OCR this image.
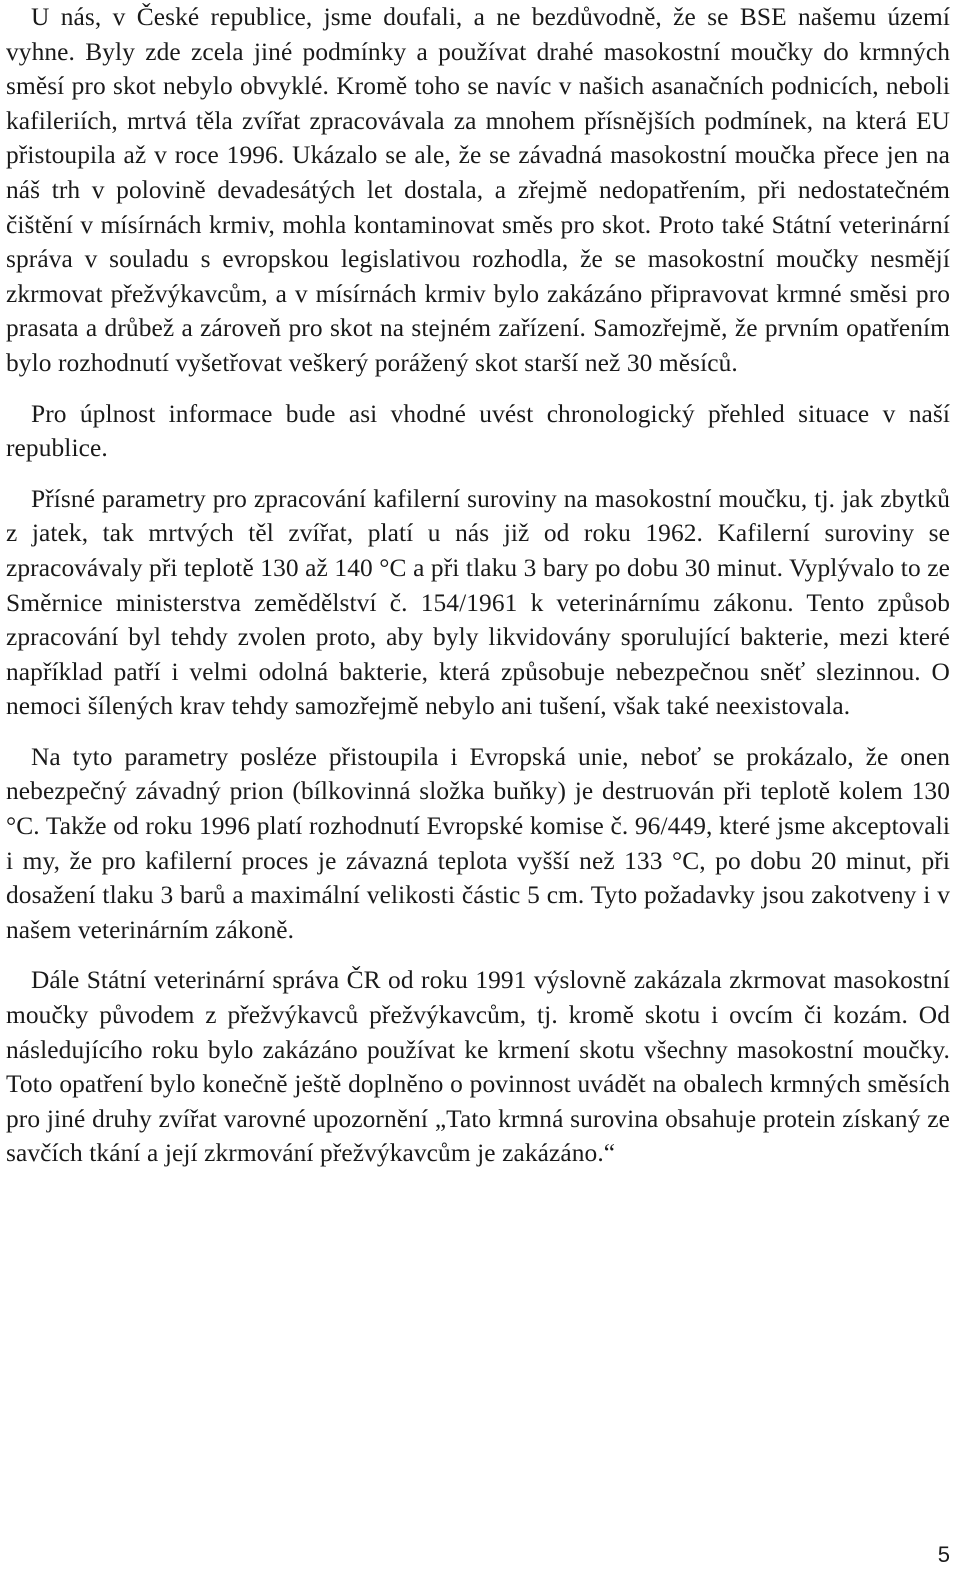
U nás, v České republice, jsme doufali, a ne bezdůvodně, že se BSE našemu území vyhne. Byly zde zcela jiné podmínky a používat drahé masokostní moučky do krmných směsí pro skot nebylo obvyklé. Kromě toho se navíc v našich asanačních podnicích, neboli kafileriích, mrtvá těla zvířat zpracovávala za mnohem přísnějších podmínek, na která EU přistoupila až v roce 1996. Ukázalo se ale, že se závadná masokostní moučka přece jen na náš trh v polovině devadesátých let dostala, a zřejmě nedopatřením, při nedostatečném čištění v mísírnách krmiv, mohla kontaminovat směs pro skot. Proto také Státní veterinární správa v souladu s evropskou legislativou rozhodla, že se masokostní moučky nesmějí zkrmovat přežvýkavcům, a v mísírnách krmiv bylo zakázáno připravovat krmné směsi pro prasata a drůbež a zároveň pro skot na stejném zařízení. Samozřejmě, že prvním opatřením bylo rozhodnutí vyšetřovat veškerý porážený skot starší než 30 měsíců.

Pro úplnost informace bude asi vhodné uvést chronologický přehled situace v naší republice.

Přísné parametry pro zpracování kafilerní suroviny na masokostní moučku, tj. jak zbytků z jatek, tak mrtvých těl zvířat, platí u nás již od roku 1962. Kafilerní suroviny se zpracovávaly při teplotě 130 až 140 °C a při tlaku 3 bary po dobu 30 minut. Vyplývalo to ze Směrnice ministerstva zemědělství č. 154/1961 k veterinárnímu zákonu. Tento způsob zpracování byl tehdy zvolen proto, aby byly likvidovány sporulující bakterie, mezi které například patří i velmi odolná bakterie, která způsobuje nebezpečnou sněť slezinnou. O nemoci šílených krav tehdy samozřejmě nebylo ani tušení, však také neexistovala.

Na tyto parametry posléze přistoupila i Evropská unie, neboť se prokázalo, že onen nebezpečný závadný prion (bílkovinná složka buňky) je destruován při teplotě kolem 130 °C. Takže od roku 1996 platí rozhodnutí Evropské komise č. 96/449, které jsme akceptovali i my, že pro kafilerní proces je závazná teplota vyšší než 133 °C, po dobu 20 minut, při dosažení tlaku 3 barů a maximální velikosti částic 5 cm. Tyto požadavky jsou zakotveny i v našem veterinárním zákoně.

Dále Státní veterinární správa ČR od roku 1991 výslovně zakázala zkrmovat masokostní moučky původem z přežvýkavců přežvýkavcům, tj. kromě skotu i ovcím či kozám. Od následujícího roku bylo zakázáno používat ke krmení skotu všechny masokostní moučky. Toto opatření bylo konečně ještě doplněno o povinnost uvádět na obalech krmných směsích pro jiné druhy zvířat varovné upozornění „Tato krmná surovina obsahuje protein získaný ze savčích tkání a její zkrmování přežvýkavcům je zakázáno.“

5
